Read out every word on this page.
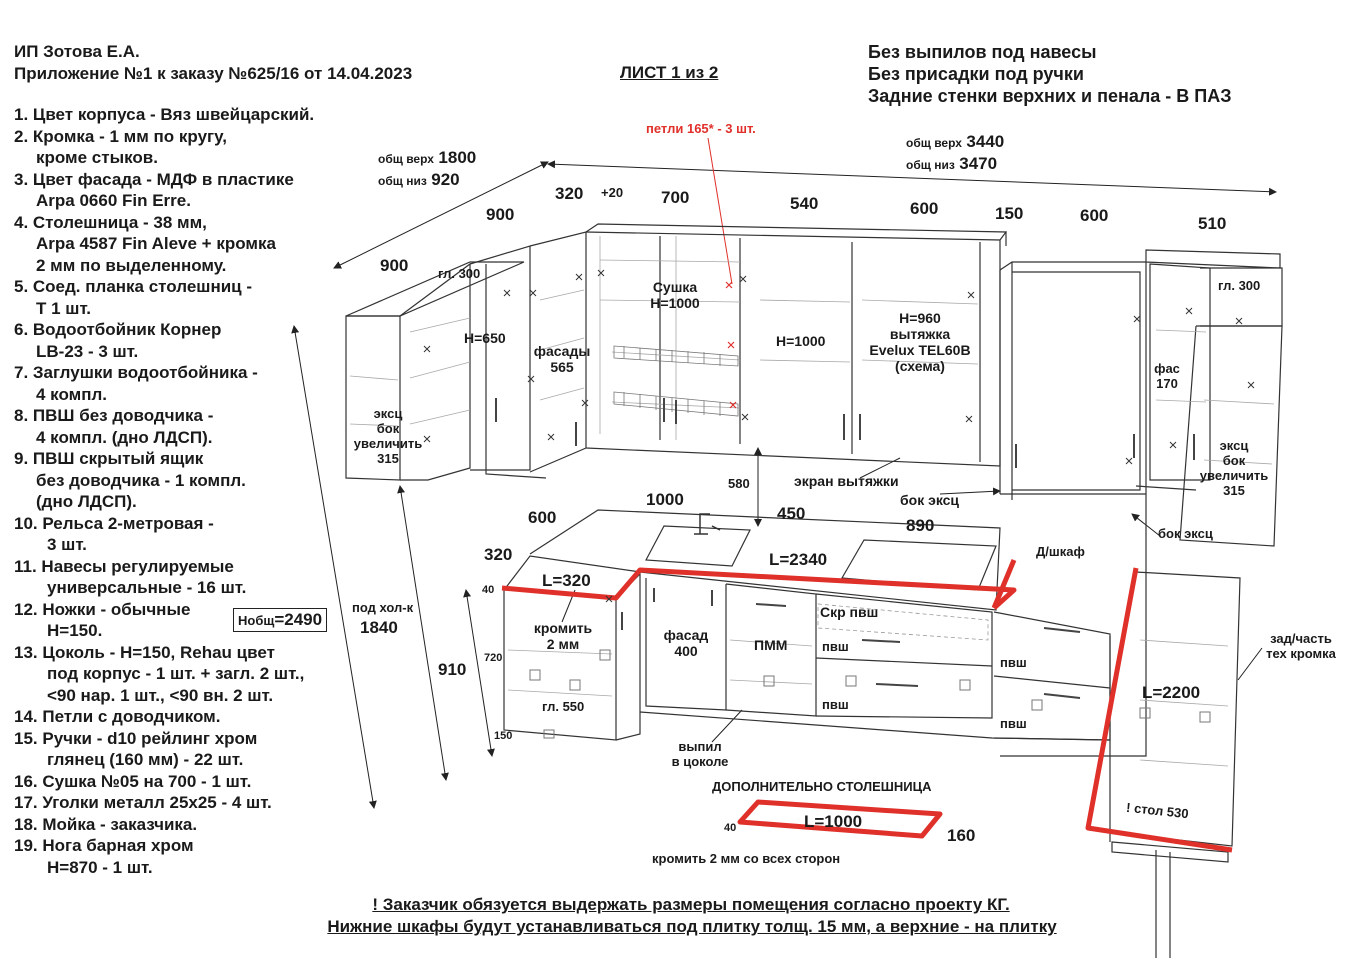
ИП Зотова Е.А.
Приложение №1 к заказу №625/16 от 14.04.2023	ЛИСТ 1 из 2
Без выпилов под навесы
Без присадки под ручки
Задние стенки верхних и пенала - В ПАЗ
1. Цвет корпуса - Вяз швейцарский.
2. Кромка - 1 мм по кругу,
кроме стыков.
3. Цвет фасада - МДФ в пластике
Arpa 0660 Fin Erre.
4. Столешница - 38 мм,
Arpa 4587 Fin Aleve + кромка
2 мм по выделенному.
5. Соед. планка столешниц -
Т 1 шт.
6. Водоотбойник Корнер
LB-23 - 3 шт.
7. Заглушки водоотбойника -
4 компл.
8. ПВШ без доводчика -
4 компл. (дно ЛДСП).
9. ПВШ скрытый ящик
без доводчика - 1 компл.
(дно ЛДСП).
10. Рельса 2-метровая -
3 шт.
11. Навесы регулируемые
универсальные - 16 шт.
12. Ножки - обычные
Н=150.
13. Цоколь - Н=150, Rehau цвет
под корпус - 1 шт. + загл. 2 шт.,
<90 нар. 1 шт., <90 вн. 2 шт.
14. Петли с доводчиком.
15. Ручки - d10 рейлинг хром
глянец (160 мм) - 22 шт.
16. Сушка №05 на 700 - 1 шт.
17. Уголки металл 25х25 - 4 шт.
18. Мойка - заказчика.
19. Нога барная хром
Н=870 - 1 шт.
Нобщ=2490
общ верх 1800
общ низ 920
общ верх 3440
общ низ 3470
петли 165* - 3 шт.
900
900
320 +20 700	540	600	150	600	510
гл. 300
гл. 300
Н=650
фасады
565
Сушка
Н=1000
Н=1000
Н=960
вытяжка
Evelux TEL60B
(схема)	фас
170
эксц
бок
увеличить
315
эксц
бок
увеличить
315
580	экран вытяжки
бок эксц
890	бок эксц
под хол-к
1840
1000
600	450
320
40
720
910
150
L=320
L=2340
L=2200
кромить
2 мм
гл. 550
фасад
400	ПММ
Скр пвш
пвш
пвш
пвш
пвш
Д/шкаф
зад/часть
тех кромка
выпил
в цоколе
! стол 530
ДОПОЛНИТЕЛЬНО СТОЛЕШНИЦА
L=1000
40	160
кромить 2 мм со всех сторон
! Заказчик обязуется выдержать размеры помещения согласно проекту КГ.
Нижние шкафы будут устанавливаться под плитку толщ. 15 мм, а верхние - на плитку
